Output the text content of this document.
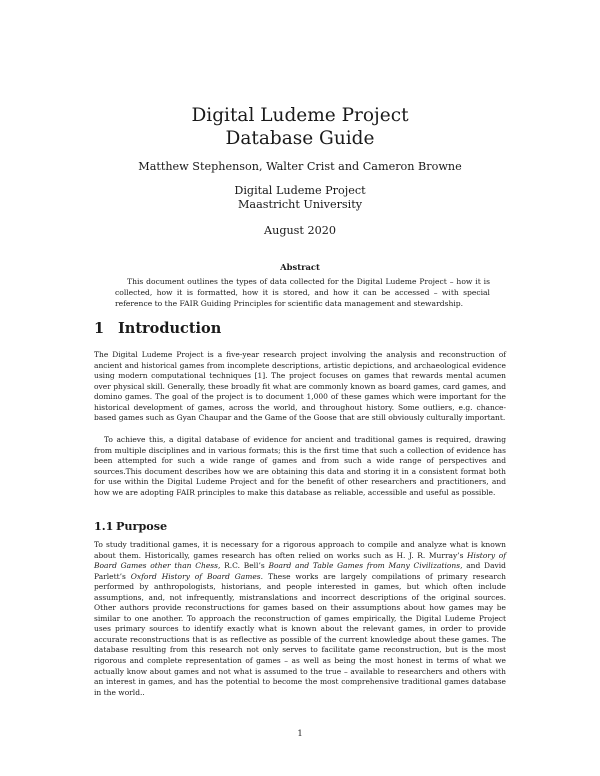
Digital Ludeme Project
Database Guide
Matthew Stephenson, Walter Crist and Cameron Browne
Digital Ludeme Project
Maastricht University
August 2020
Abstract

This document outlines the types of data collected for the Digital Ludeme Project – how it is collected, how it is formatted, how it is stored, and how it can be accessed – with special reference to the FAIR Guiding Principles for scientific data management and stewardship.

1 Introduction

The Digital Ludeme Project is a five-year research project involving the analysis and reconstruction of ancient and historical games from incomplete descriptions, artistic depictions, and archaeological evidence using modern computational techniques [1]. The project focuses on games that rewards mental acumen over physical skill. Generally, these broadly fit what are commonly known as board games, card games, and domino games. The goal of the project is to document 1,000 of these games which were important for the historical development of games, across the world, and throughout history. Some outliers, e.g. chance-based games such as Gyan Chaupar and the Game of the Goose that are still obviously culturally important.

To achieve this, a digital database of evidence for ancient and traditional games is required, drawing from multiple disciplines and in various formats; this is the first time that such a collection of evidence has been attempted for such a wide range of games and from such a wide range of perspectives and sources.This document describes how we are obtaining this data and storing it in a consistent format both for use within the Digital Ludeme Project and for the benefit of other researchers and practitioners, and how we are adopting FAIR principles to make this database as reliable, accessible and useful as possible.

1.1 Purpose

To study traditional games, it is necessary for a rigorous approach to compile and analyze what is known about them. Historically, games research has often relied on works such as H. J. R. Murray’s History of Board Games other than Chess, R.C. Bell’s Board and Table Games from Many Civilizations, and David Parlett’s Oxford History of Board Games. These works are largely compilations of primary research performed by anthropologists, historians, and people interested in games, but which often include assumptions, and, not infrequently, mistranslations and incorrect descriptions of the original sources. Other authors provide reconstructions for games based on their assumptions about how games may be similar to one another. To approach the reconstruction of games empirically, the Digital Ludeme Project uses primary sources to identify exactly what is known about the relevant games, in order to provide accurate reconstructions that is as reflective as possible of the current knowledge about these games. The database resulting from this research not only serves to facilitate game reconstruction, but is the most rigorous and complete representation of games – as well as being the most honest in terms of what we actually know about games and not what is assumed to the true – available to researchers and others with an interest in games, and has the potential to become the most comprehensive traditional games database in the world..

1
